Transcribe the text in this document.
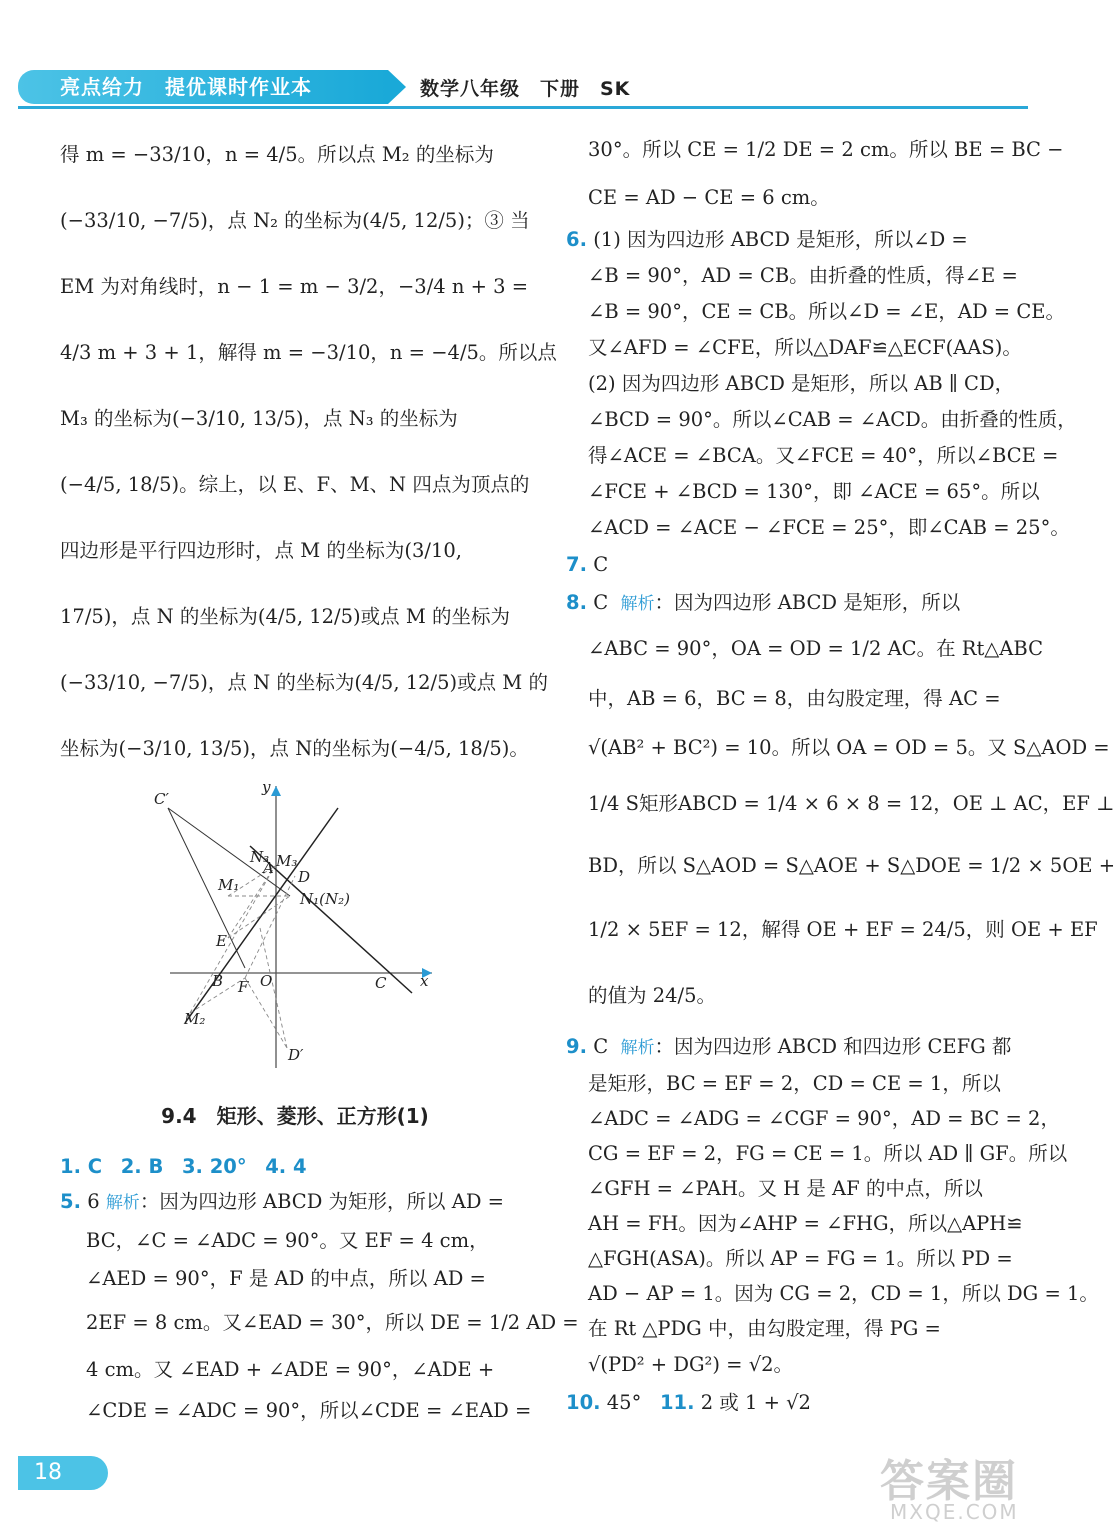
亮点给力　提优课时作业本	数学八年级　下册　SK
得 m = −33/10，n = 4/5。所以点 M₂ 的坐标为
(−33/10, −7/5)，点 N₂ 的坐标为(4/5, 12/5)；③ 当
EM 为对角线时，n − 1 = m − 3/2，−3/4 n + 3 =
4/3 m + 3 + 1，解得 m = −3/10，n = −4/5。所以点
M₃ 的坐标为(−3/10, 13/5)，点 N₃ 的坐标为
(−4/5, 18/5)。综上，以 E、F、M、N 四点为顶点的
四边形是平行四边形时，点 M 的坐标为(3/10,
17/5)，点 N 的坐标为(4/5, 12/5)或点 M 的坐标为
(−33/10, −7/5)，点 N 的坐标为(4/5, 12/5)或点 M 的
坐标为(−3/10, 13/5)，点 N的坐标为(−4/5, 18/5)。
C′
y
N₃
A M₃
D
M₁
N₁(N₂)
E
B F O	C x
M₂
D′
9.4　矩形、菱形、正方形(1)
1. C 2. B 3. 20° 4. 4
5. 6 解析：因为四边形 ABCD 为矩形，所以 AD =
BC，∠C = ∠ADC = 90°。又 EF = 4 cm，
∠AED = 90°，F 是 AD 的中点，所以 AD =
2EF = 8 cm。又∠EAD = 30°，所以 DE = 1/2 AD =
4 cm。又 ∠EAD + ∠ADE = 90°，∠ADE +
∠CDE = ∠ADC = 90°，所以∠CDE = ∠EAD =
30°。所以 CE = 1/2 DE = 2 cm。所以 BE = BC −
CE = AD − CE = 6 cm。
6. (1) 因为四边形 ABCD 是矩形，所以∠D =
∠B = 90°，AD = CB。由折叠的性质，得∠E =
∠B = 90°，CE = CB。所以∠D = ∠E，AD = CE。
又∠AFD = ∠CFE，所以△DAF≌△ECF(AAS)。
(2) 因为四边形 ABCD 是矩形，所以 AB ∥ CD，
∠BCD = 90°。所以∠CAB = ∠ACD。由折叠的性质，
得∠ACE = ∠BCA。又∠FCE = 40°，所以∠BCE =
∠FCE + ∠BCD = 130°，即 ∠ACE = 65°。所以
∠ACD = ∠ACE − ∠FCE = 25°，即∠CAB = 25°。
7. C
8. C 解析：因为四边形 ABCD 是矩形，所以
∠ABC = 90°，OA = OD = 1/2 AC。在 Rt△ABC
中，AB = 6，BC = 8，由勾股定理，得 AC =
√(AB² + BC²) = 10。所以 OA = OD = 5。又 S△AOD =
1/4 S矩形ABCD = 1/4 × 6 × 8 = 12，OE ⊥ AC，EF ⊥
BD，所以 S△AOD = S△AOE + S△DOE = 1/2 × 5OE +
1/2 × 5EF = 12，解得 OE + EF = 24/5，则 OE + EF
的值为 24/5。
9. C 解析：因为四边形 ABCD 和四边形 CEFG 都
是矩形，BC = EF = 2，CD = CE = 1，所以
∠ADC = ∠ADG = ∠CGF = 90°，AD = BC = 2，
CG = EF = 2，FG = CE = 1。所以 AD ∥ GF。所以
∠GFH = ∠PAH。又 H 是 AF 的中点，所以
AH = FH。因为∠AHP = ∠FHG，所以△APH≌
△FGH(ASA)。所以 AP = FG = 1。所以 PD =
AD − AP = 1。因为 CG = 2，CD = 1，所以 DG = 1。
在 Rt △PDG 中，由勾股定理，得 PG =
√(PD² + DG²) = √2。
10. 45° 11. 2 或 1 + √2
18	答案圈
MXQE.COM
